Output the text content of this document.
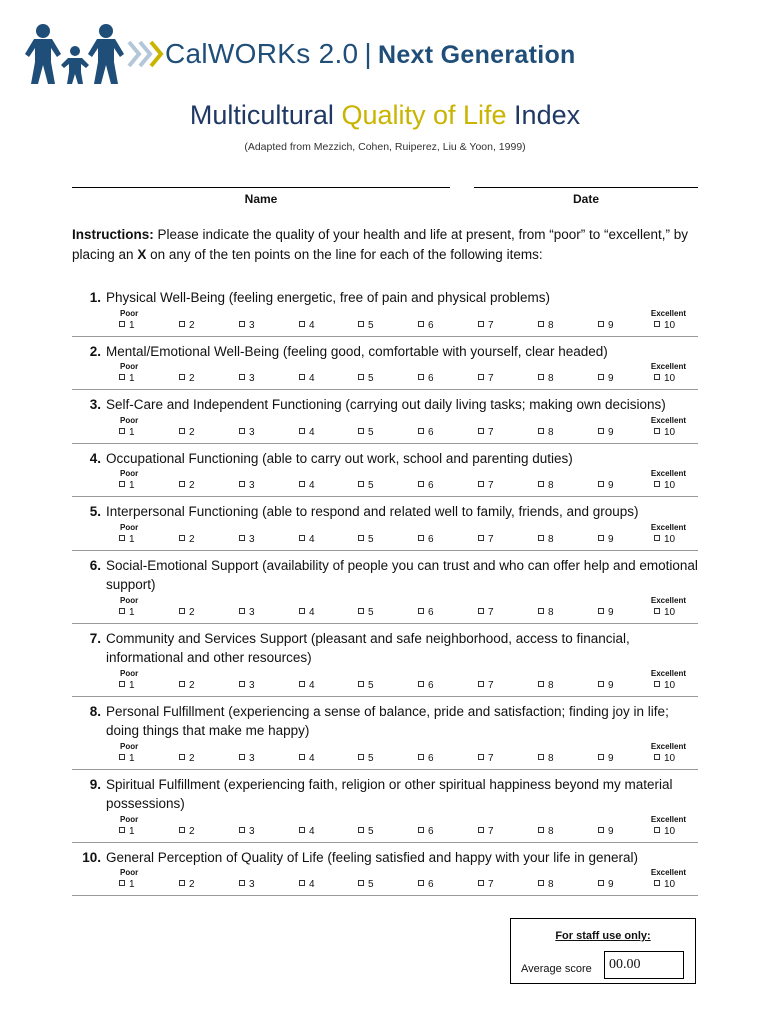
CalWORKs 2.0 | Next Generation
Multicultural Quality of Life Index
(Adapted from Mezzich, Cohen, Ruiperez, Liu & Yoon, 1999)
Name	Date
Instructions: Please indicate the quality of your health and life at present, from “poor” to “excellent,” by placing an X on any of the ten points on the line for each of the following items:
1. Physical Well-Being (feeling energetic, free of pain and physical problems)
Poor	Excellent
1	2	3	4	5	6	7	8	9	10
2. Mental/Emotional Well-Being (feeling good, comfortable with yourself, clear headed)
Poor	Excellent
1	2	3	4	5	6	7	8	9	10
3. Self-Care and Independent Functioning (carrying out daily living tasks; making own decisions)
Poor	Excellent
1	2	3	4	5	6	7	8	9	10
4. Occupational Functioning (able to carry out work, school and parenting duties)
Poor	Excellent
1	2	3	4	5	6	7	8	9	10
5. Interpersonal Functioning (able to respond and related well to family, friends, and groups)
Poor	Excellent
1	2	3	4	5	6	7	8	9	10
6. Social-Emotional Support (availability of people you can trust and who can offer help and emotional support)
Poor	Excellent
1	2	3	4	5	6	7	8	9	10
7. Community and Services Support (pleasant and safe neighborhood, access to financial, informational and other resources)
Poor	Excellent
1	2	3	4	5	6	7	8	9	10
8. Personal Fulfillment (experiencing a sense of balance, pride and satisfaction; finding joy in life; doing things that make me happy)
Poor	Excellent
1	2	3	4	5	6	7	8	9	10
9. Spiritual Fulfillment (experiencing faith, religion or other spiritual happiness beyond my material possessions)
Poor	Excellent
1	2	3	4	5	6	7	8	9	10
10. General Perception of Quality of Life (feeling satisfied and happy with your life in general)
Poor	Excellent
1	2	3	4	5	6	7	8	9	10
For staff use only:
Average score	00.00
